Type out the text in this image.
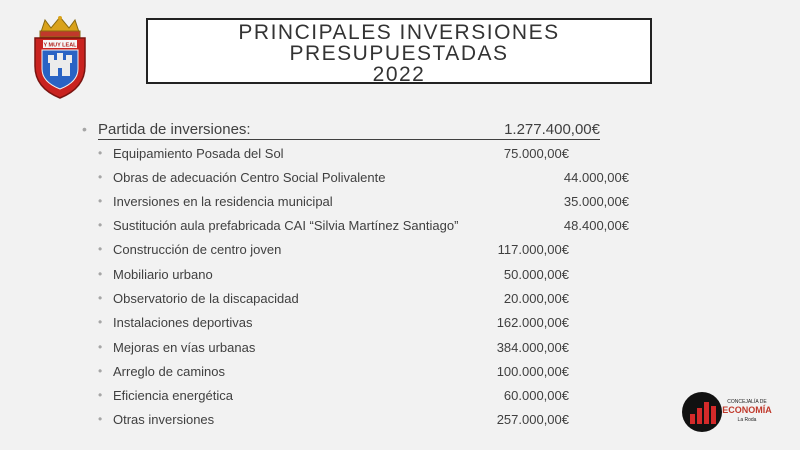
Y MUY LEAL
PRINCIPALES INVERSIONES
PRESUPUESTADAS
2022
• Partida de inversiones:	1.277.400,00€
• Equipamiento Posada del Sol	75.000,00€
• Obras de adecuación Centro Social Polivalente	44.000,00€
• Inversiones en la residencia municipal	35.000,00€
• Sustitución aula prefabricada CAI “Silvia Martínez Santiago”	48.400,00€
• Construcción de centro joven	117.000,00€
• Mobiliario urbano	50.000,00€
• Observatorio de la discapacidad	20.000,00€
• Instalaciones deportivas	162.000,00€
• Mejoras en vías urbanas	384.000,00€
• Arreglo de caminos	100.000,00€
• Eficiencia energética	60.000,00€
• Otras inversiones	257.000,00€
CONCEJALÍA DE
ECONOMÍA
La Roda
